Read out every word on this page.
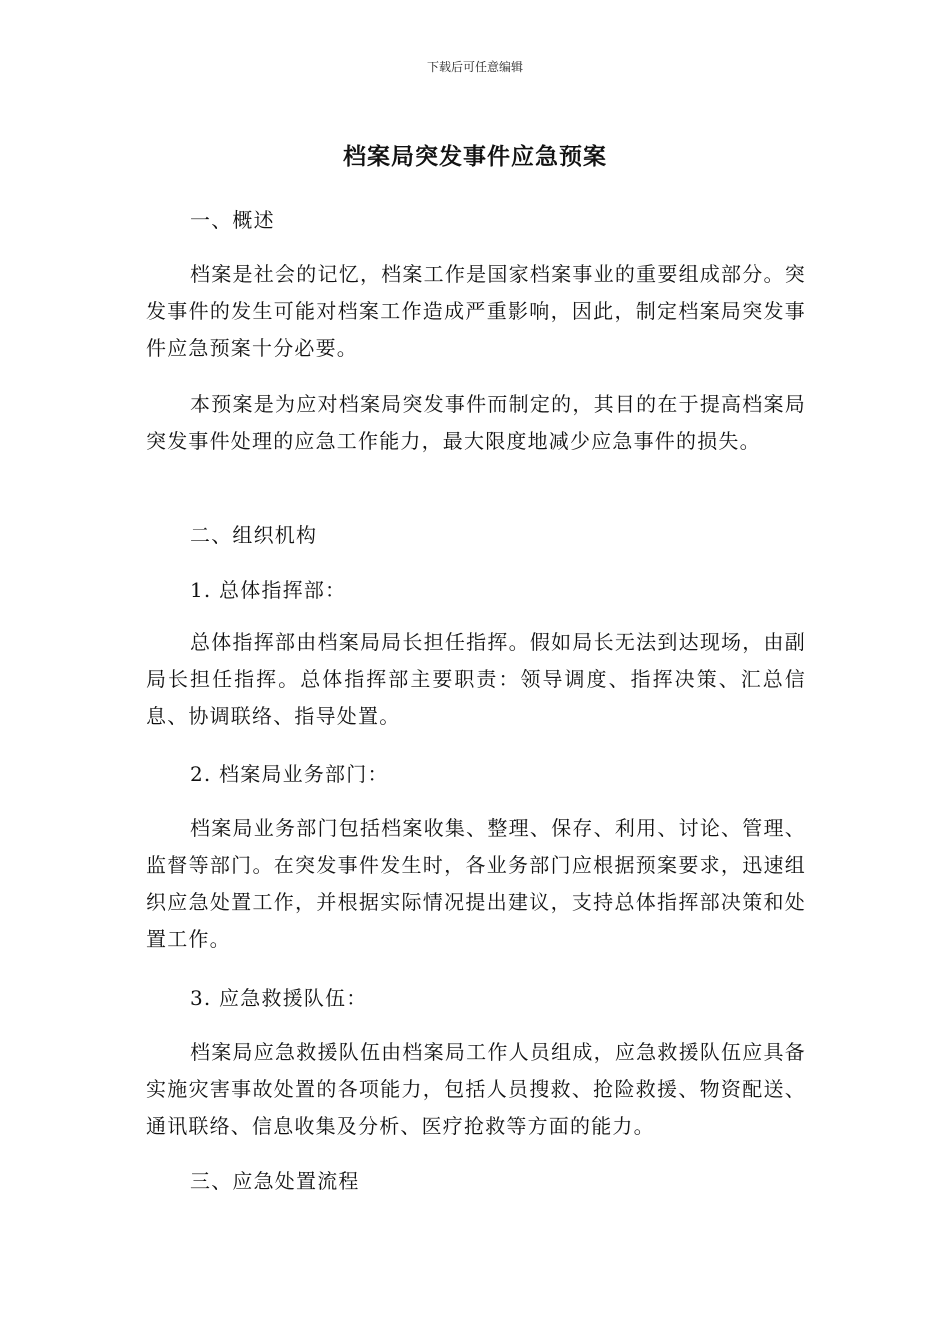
下载后可任意编辑
档案局突发事件应急预案
一、概述
档案是社会的记忆，档案工作是国家档案事业的重要组成部分。突发事件的发生可能对档案工作造成严重影响，因此，制定档案局突发事件应急预案十分必要。
本预案是为应对档案局突发事件而制定的，其目的在于提高档案局突发事件处理的应急工作能力，最大限度地减少应急事件的损失。
二、组织机构
1. 总体指挥部：
总体指挥部由档案局局长担任指挥。假如局长无法到达现场，由副局长担任指挥。总体指挥部主要职责：领导调度、指挥决策、汇总信息、协调联络、指导处置。
2. 档案局业务部门：
档案局业务部门包括档案收集、整理、保存、利用、讨论、管理、监督等部门。在突发事件发生时，各业务部门应根据预案要求，迅速组织应急处置工作，并根据实际情况提出建议，支持总体指挥部决策和处置工作。
3. 应急救援队伍：
档案局应急救援队伍由档案局工作人员组成，应急救援队伍应具备实施灾害事故处置的各项能力，包括人员搜救、抢险救援、物资配送、通讯联络、信息收集及分析、医疗抢救等方面的能力。
三、应急处置流程
